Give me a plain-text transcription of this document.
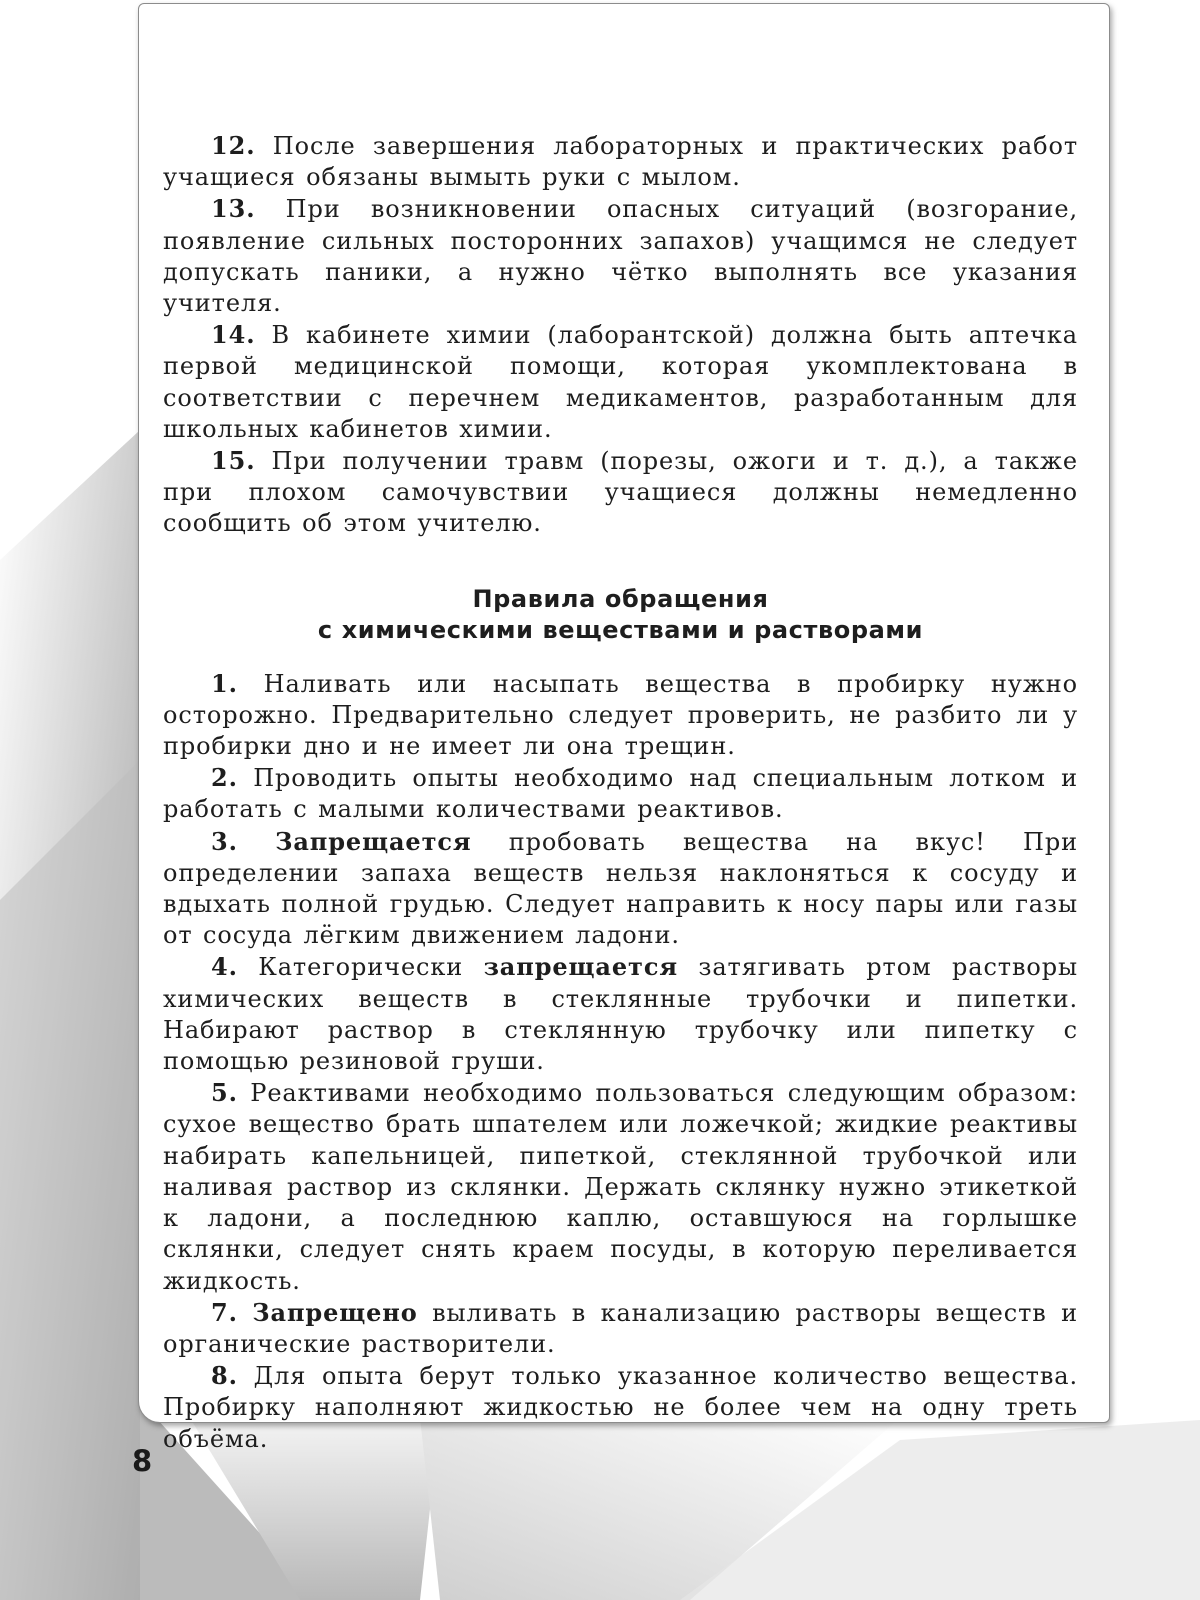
12. После завершения лабораторных и практических работ учащиеся обязаны вымыть руки с мылом.

13. При возникновении опасных ситуаций (возгорание, появление сильных посторонних запахов) учащимся не следует допускать паники, а нужно чётко выполнять все указания учителя.

14. В кабинете химии (лаборантской) должна быть аптечка первой медицинской помощи, которая укомплектована в соответствии с перечнем медикаментов, разработанным для школьных кабинетов химии.

15. При получении травм (порезы, ожоги и т. д.), а также при плохом самочувствии учащиеся должны немедленно сообщить об этом учителю.

Правила обращения
с химическими веществами и растворами

1. Наливать или насыпать вещества в пробирку нужно осторожно. Предварительно следует проверить, не разбито ли у пробирки дно и не имеет ли она трещин.

2. Проводить опыты необходимо над специальным лотком и работать с малыми количествами реактивов.

3. Запрещается пробовать вещества на вкус! При определении запаха веществ нельзя наклоняться к сосуду и вдыхать полной грудью. Следует направить к носу пары или газы от сосуда лёгким движением ладони.

4. Категорически запрещается затягивать ртом растворы химических веществ в стеклянные трубочки и пипетки. Набирают раствор в стеклянную трубочку или пипетку с помощью резиновой груши.

5. Реактивами необходимо пользоваться следующим образом: сухое вещество брать шпателем или ложечкой; жидкие реактивы набирать капельницей, пипеткой, стеклянной трубочкой или наливая раствор из склянки. Держать склянку нужно этикеткой к ладони, а последнюю каплю, оставшуюся на горлышке склянки, следует снять краем посуды, в которую переливается жидкость.

7. Запрещено выливать в канализацию растворы веществ и органические растворители.

8. Для опыта берут только указанное количество вещества. Пробирку наполняют жидкостью не более чем на одну треть объёма.

8
